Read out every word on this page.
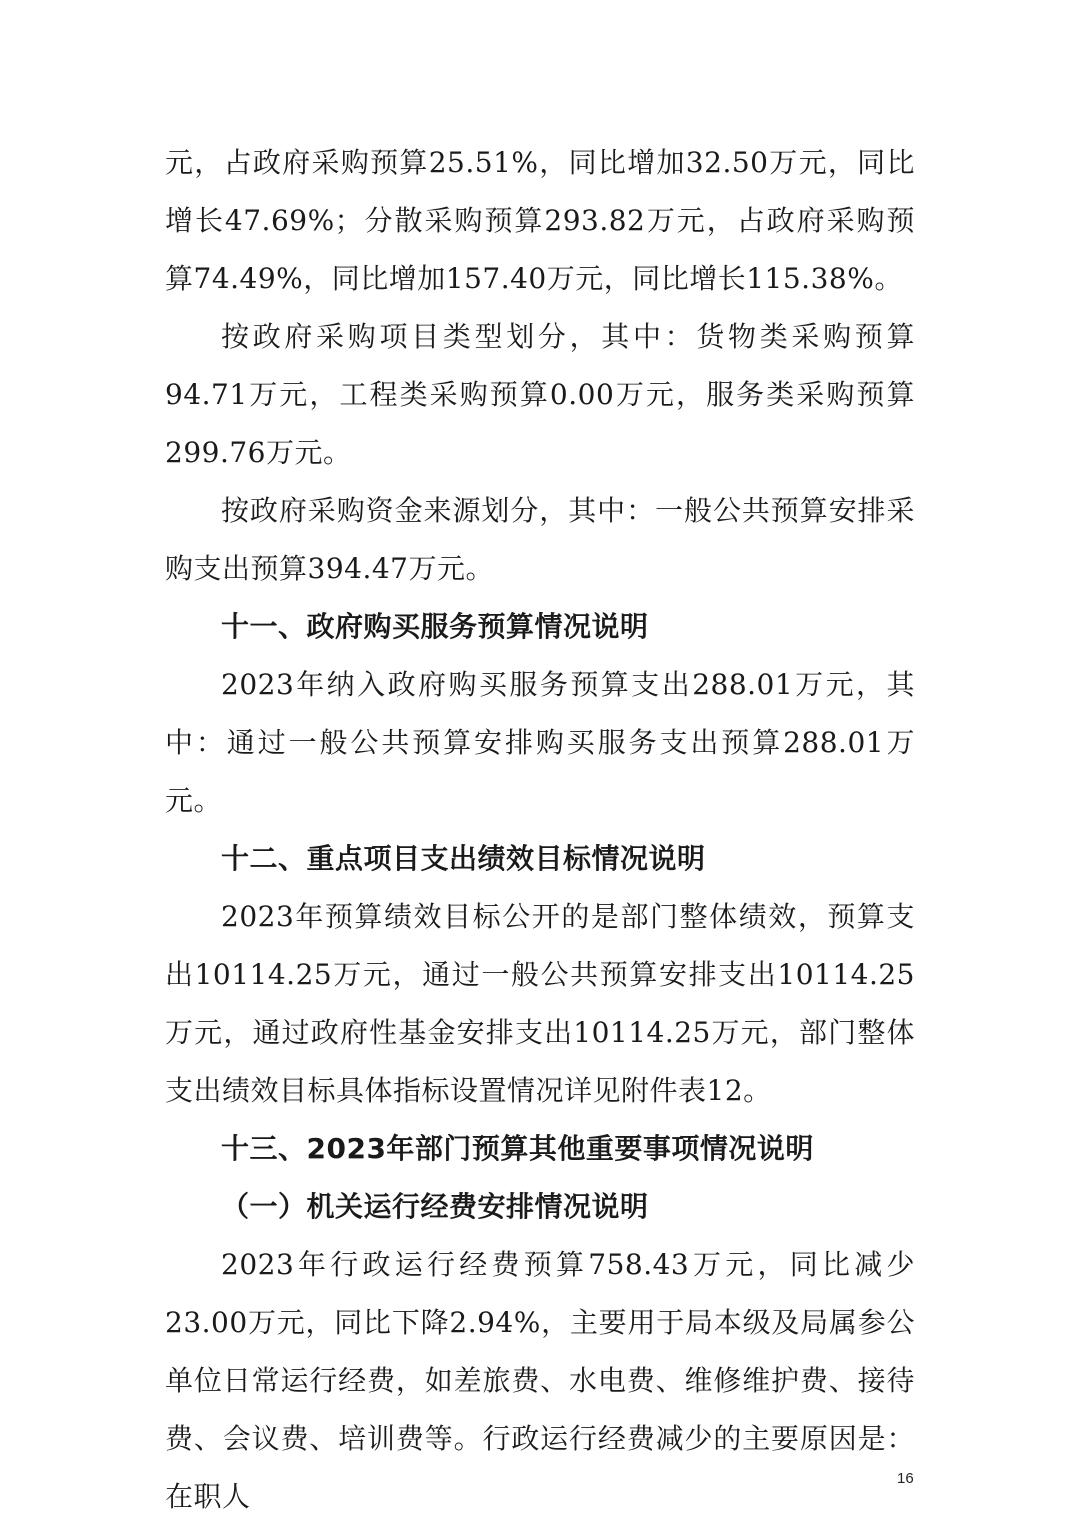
元，占政府采购预算25.51%，同比增加32.50万元，同比增长47.69%；分散采购预算293.82万元，占政府采购预算74.49%，同比增加157.40万元，同比增长115.38%。

按政府采购项目类型划分，其中：货物类采购预算94.71万元，工程类采购预算0.00万元，服务类采购预算299.76万元。

按政府采购资金来源划分，其中：一般公共预算安排采购支出预算394.47万元。

十一、政府购买服务预算情况说明

2023年纳入政府购买服务预算支出288.01万元，其中：通过一般公共预算安排购买服务支出预算288.01万元。

十二、重点项目支出绩效目标情况说明

2023年预算绩效目标公开的是部门整体绩效，预算支出10114.25万元，通过一般公共预算安排支出10114.25万元，通过政府性基金安排支出10114.25万元，部门整体支出绩效目标具体指标设置情况详见附件表12。

十三、2023年部门预算其他重要事项情况说明

（一）机关运行经费安排情况说明

2023年行政运行经费预算758.43万元，同比减少23.00万元，同比下降2.94%，主要用于局本级及局属参公单位日常运行经费，如差旅费、水电费、维修维护费、接待费、会议费、培训费等。行政运行经费减少的主要原因是：在职人

16
